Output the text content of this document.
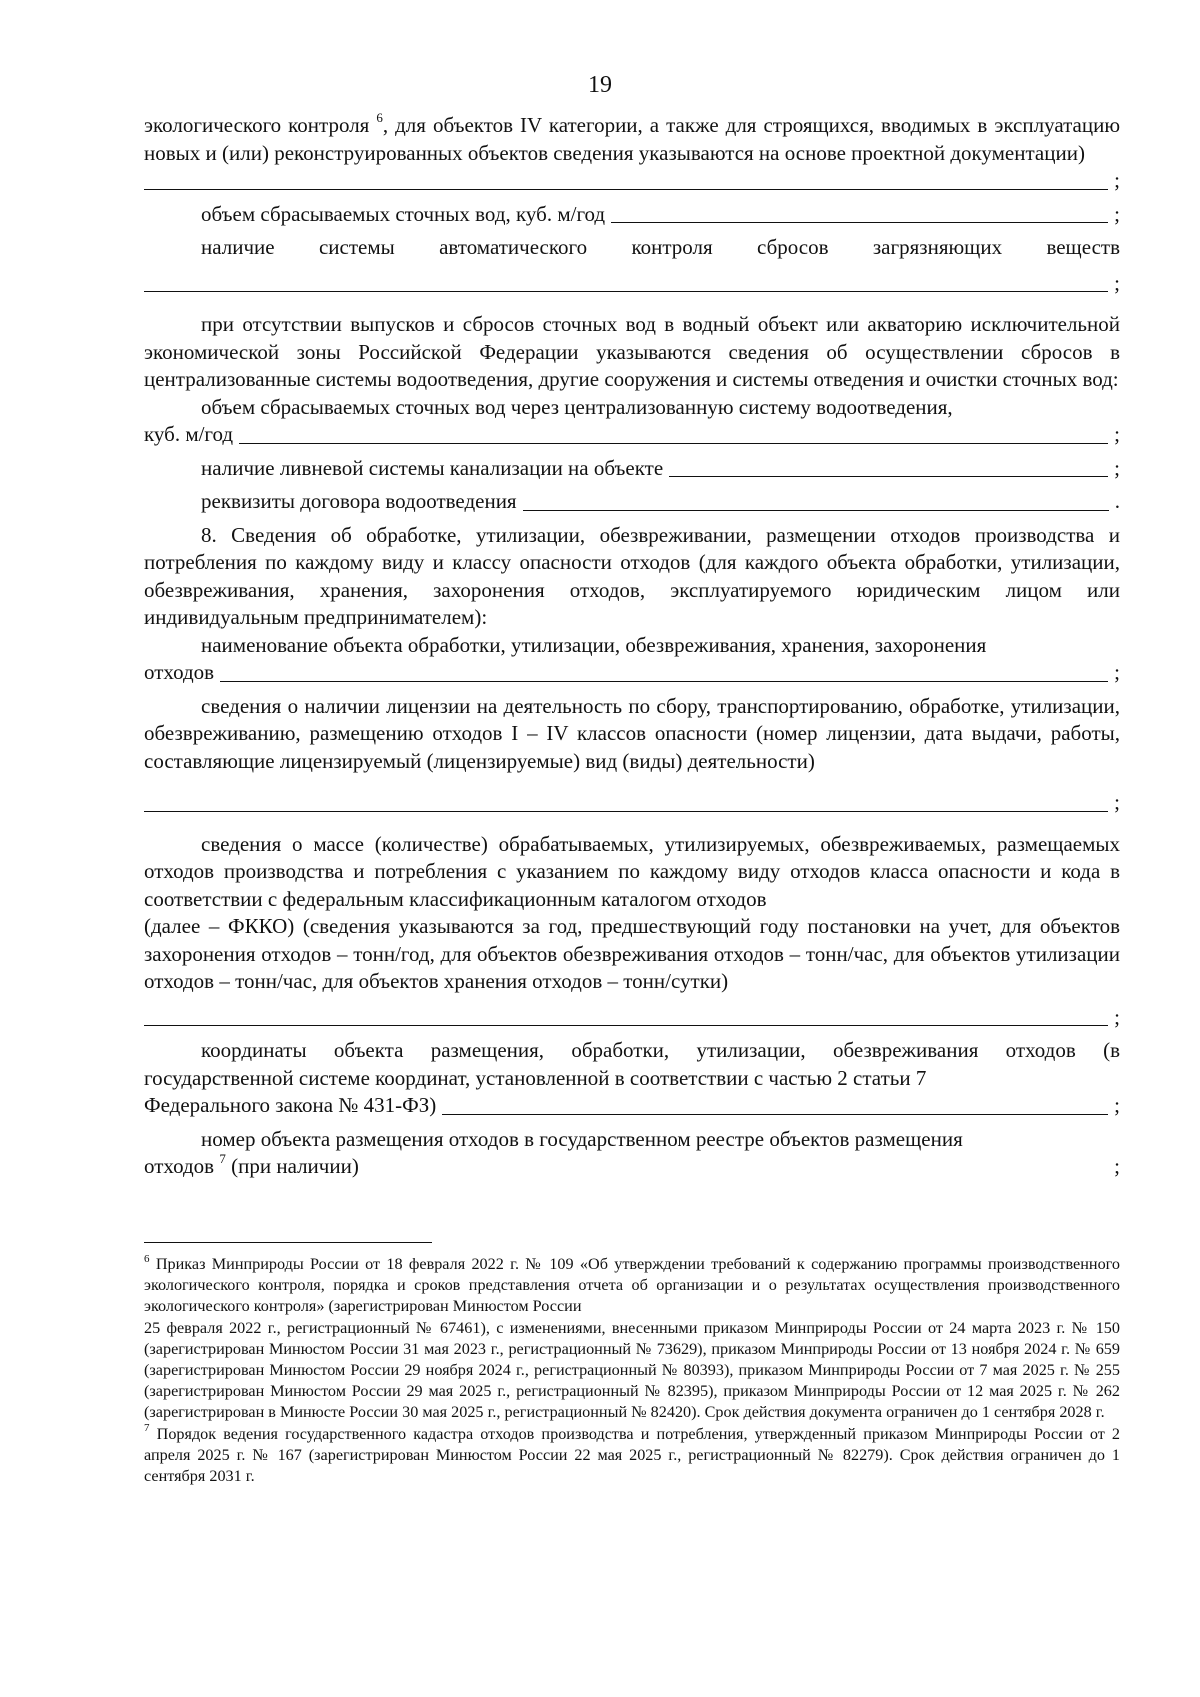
19

экологического контроля $^6$, для объектов IV категории, а также для строящихся, вводимых в эксплуатацию новых и (или) реконструированных объектов сведения указываются на основе проектной документации)

;
объем сбрасываемых сточных вод, куб. м/год	;
наличие системы автоматического контроля сбросов загрязняющих веществ
;

при отсутствии выпусков и сбросов сточных вод в водный объект или акваторию исключительной экономической зоны Российской Федерации указываются сведения об осуществлении сбросов в централизованные системы водоотведения, другие сооружения и системы отведения и очистки сточных вод:

объем сбрасываемых сточных вод через централизованную систему водоотведения,

куб. м/год	;
наличие ливневой системы канализации на объекте	;
реквизиты договора водоотведения	.

8. Сведения об обработке, утилизации, обезвреживании, размещении отходов производства и потребления по каждому виду и классу опасности отходов (для каждого объекта обработки, утилизации, обезвреживания, хранения, захоронения отходов, эксплуатируемого юридическим лицом или индивидуальным предпринимателем):

наименование объекта обработки, утилизации, обезвреживания, хранения, захоронения

отходов	;

сведения о наличии лицензии на деятельность по сбору, транспортированию, обработке, утилизации, обезвреживанию, размещению отходов I – IV классов опасности (номер лицензии, дата выдачи, работы, составляющие лицензируемый (лицензируемые) вид (виды) деятельности)

;

сведения о массе (количестве) обрабатываемых, утилизируемых, обезвреживаемых, размещаемых отходов производства и потребления с указанием по каждому виду отходов класса опасности и кода в соответствии с федеральным классификационным каталогом отходов

(далее – ФККО) (сведения указываются за год, предшествующий году постановки на учет, для объектов захоронения отходов – тонн/год, для объектов обезвреживания отходов – тонн/час, для объектов утилизации отходов – тонн/час, для объектов хранения отходов – тонн/сутки)

;

координаты объекта размещения, обработки, утилизации, обезвреживания отходов (в государственной системе координат, установленной в соответствии с частью 2 статьи 7

Федерального закона № 431-ФЗ)	;

номер объекта размещения отходов в государственном реестре объектов размещения

отходов $^7$ (при наличии)	;

$^6$ Приказ Минприроды России от 18 февраля 2022 г. № 109 «Об утверждении требований к содержанию программы производственного экологического контроля, порядка и сроков представления отчета об организации и о результатах осуществления производственного экологического контроля» (зарегистрирован Минюстом России

25 февраля 2022 г., регистрационный № 67461), с изменениями, внесенными приказом Минприроды России от 24 марта 2023 г. № 150 (зарегистрирован Минюстом России 31 мая 2023 г., регистрационный № 73629), приказом Минприроды России от 13 ноября 2024 г. № 659 (зарегистрирован Минюстом России 29 ноября 2024 г., регистрационный № 80393), приказом Минприроды России от 7 мая 2025 г. № 255 (зарегистрирован Минюстом России 29 мая 2025 г., регистрационный № 82395), приказом Минприроды России от 12 мая 2025 г. № 262 (зарегистрирован в Минюсте России 30 мая 2025 г., регистрационный № 82420). Срок действия документа ограничен до 1 сентября 2028 г.

$^7$ Порядок ведения государственного кадастра отходов производства и потребления, утвержденный приказом Минприроды России от 2 апреля 2025 г. № 167 (зарегистрирован Минюстом России 22 мая 2025 г., регистрационный № 82279). Срок действия ограничен до 1 сентября 2031 г.
